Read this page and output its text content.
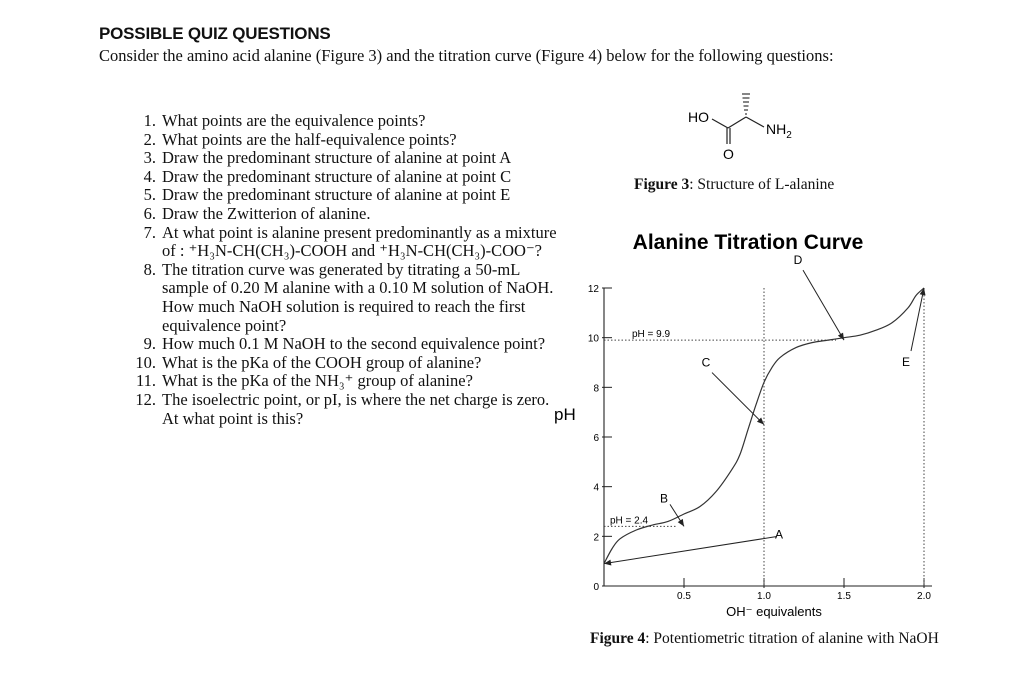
POSSIBLE QUIZ QUESTIONS
Consider the amino acid alanine (Figure 3) and the titration curve (Figure 4) below for the following questions:
1. What points are the equivalence points?
2. What points are the half-equivalence points?
3. Draw the predominant structure of alanine at point A
4. Draw the predominant structure of alanine at point C
5. Draw the predominant structure of alanine at point E
6. Draw the Zwitterion of alanine.
7. At what point is alanine present predominantly as a mixture of : ⁺H₃N-CH(CH₃)-COOH and ⁺H₃N-CH(CH₃)-COO⁻?
8. The titration curve was generated by titrating a 50-mL sample of 0.20 M alanine with a 0.10 M solution of NaOH. How much NaOH solution is required to reach the first equivalence point?
9. How much 0.1 M NaOH to the second equivalence point?
10. What is the pKa of the COOH group of alanine?
11. What is the pKa of the NH₃⁺ group of alanine?
12. The isoelectric point, or pI, is where the net charge is zero. At what point is this?
HO
O
$NH_2$
Figure 3: Structure of L-alanine
Alanine Titration Curve
pH
OH⁻ equivalents
0
2
4
6
8
10
12
0.5	1.0	1.5	2.0
pH = 9.9
pH = 2.4
A
B
C
D
E
Figure 4: Potentiometric titration of alanine with NaOH
